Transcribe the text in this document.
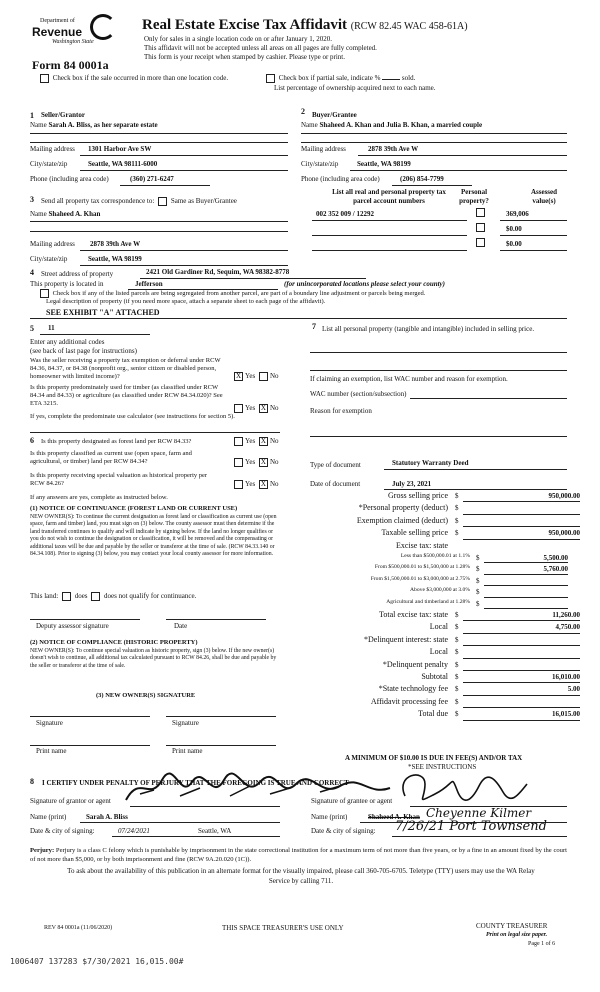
Department of
Revenue
Washington State
Form 84 0001a
Real Estate Excise Tax Affidavit (RCW 82.45 WAC 458-61A)
Only for sales in a single location code on or after January 1, 2020.
This affidavit will not be accepted unless all areas on all pages are fully completed.
This form is your receipt when stamped by cashier. Please type or print.
Check box if the sale occurred in more than one location code.	Check box if partial sale, indicate %	sold.
List percentage of ownership acquired next to each name.
1 Seller/Grantor
Name Sarah A. Bliss, as her separate estate
Mailing address 1301 Harbor Ave SW
City/state/zip	Seattle, WA 98111-6000
Phone (including area code)	(360) 271-6247
2 Buyer/Grantee
Name Shaheed A. Khan and Julia B. Khan, a married couple
Mailing address	2878 39th Ave W
City/state/zip	Seattle, WA 98199
Phone (including area code)	(206) 854-7799
3 Send all property tax correspondence to: Same as Buyer/Grantee
Name Shaheed A. Khan
Mailing address 2878 39th Ave W
City/state/zip	Seattle, WA 98199
List all real and personal property tax parcel account numbers
Personal property?
Assessed value(s)
002 352 009 / 12292	369,006
$0.00
$0.00
4 Street address of property	2421 Old Gardiner Rd, Sequim, WA 98382-8778
This property is located in	Jefferson	(for unincorporated locations please select your county)
Check box if any of the listed parcels are being segregated from another parcel, are part of a boundary line adjustment or parcels being merged.
Legal description of property (if you need more space, attach a separate sheet to each page of the affidavit).
SEE EXHIBIT "A" ATTACHED
5 11
Enter any additional codes
(see back of last page for instructions)
Was the seller receiving a property tax exemption or deferral under RCW 84.36, 84.37, or 84.38 (nonprofit org., senior citizen or disabled person, homeowner with limited income)?	X Yes No
Is this property predominately used for timber (as classified under RCW 84.34 and 84.33) or agriculture (as classified under RCW 84.34.020)? See ETA 3215.
Yes X No
If yes, complete the predominate use calculator (see instructions for section 5).
6 Is this property designated as forest land per RCW 84.33?	Yes X No
Is this property classified as current use (open space, farm and agricultural, or timber) land per RCW 84.34?	Yes X No
Is this property receiving special valuation as historical property per RCW 84.26?	Yes X No
If any answers are yes, complete as instructed below.
(1) NOTICE OF CONTINUANCE (FOREST LAND OR CURRENT USE)
NEW OWNER(S): To continue the current designation as forest land or classification as current use (open space, farm and timber) land, you must sign on (3) below. The county assessor must then determine if the land transferred continues to qualify and will indicate by signing below. If the land no longer qualifies or you do not wish to continue the designation or classification, it will be removed and the compensating or additional taxes will be due and payable by the seller or transferor at the time of sale. (RCW 84.33.140 or 84.34.108). Prior to signing (3) below, you may contact your local county assessor for more information.
This land: does does not qualify for continuance.
Deputy assessor signature	Date
(2) NOTICE OF COMPLIANCE (HISTORIC PROPERTY)
NEW OWNER(S): To continue special valuation as historic property, sign (3) below. If the new owner(s) doesn't wish to continue, all additional tax calculated pursuant to RCW 84.26, shall be due and payable by the seller or transferor at the time of sale.
(3) NEW OWNER(S) SIGNATURE
Signature	Signature
Print name	Print name
7 List all personal property (tangible and intangible) included in selling price.
If claiming an exemption, list WAC number and reason for exemption.
WAC number (section/subsection)
Reason for exemption
Type of document	Statutory Warranty Deed
Date of document	July 23, 2021
Gross selling price $	950,000.00
*Personal property (deduct) $
Exemption claimed (deduct) $
Taxable selling price $	950,000.00
Excise tax: state
Less than $500,000.01 at 1.1% $	5,500.00
From $500,000.01 to $1,500,000 at 1.28% $	5,760.00
From $1,500,000.01 to $3,000,000 at 2.75% $
Above $3,000,000 at 3.0% $
Agricultural and timberland at 1.28% $
Total excise tax: state $	11,260.00
Local $	4,750.00
*Delinquent interest: state $
Local $
*Delinquent penalty $
Subtotal $	16,010.00
*State technology fee $	5.00
Affidavit processing fee $
Total due $	16,015.00
A MINIMUM OF $10.00 IS DUE IN FEE(S) AND/OR TAX
*SEE INSTRUCTIONS
8 I CERTIFY UNDER PENALTY OF PERJURY THAT THE FOREGOING IS TRUE AND CORRECT
Signature of grantor or agent	Signature of grantee or agent
Name (print)	Sarah A. Bliss	Name (print)	Shaheed A. Khan Cheyenne Kilmer
Date & city of signing:	07/24/2021	Seattle, WA	Date & city of signing: 7/26/21 Port Townsend
Perjury: Perjury is a class C felony which is punishable by imprisonment in the state correctional institution for a maximum term of not more than five years, or by a fine in an amount fixed by the court of not more than $5,000, or by both imprisonment and fine (RCW 9A.20.020 (1C)).
To ask about the availability of this publication in an alternate format for the visually impaired, please call 360-705-6705. Teletype (TTY) users may use the WA Relay Service by calling 711.
REV 84 0001a (11/06/2020)	THIS SPACE TREASURER'S USE ONLY	COUNTY TREASURER
Print on legal size paper.
Page 1 of 6
1006407 137283 $7/30/2021 16,015.00#
